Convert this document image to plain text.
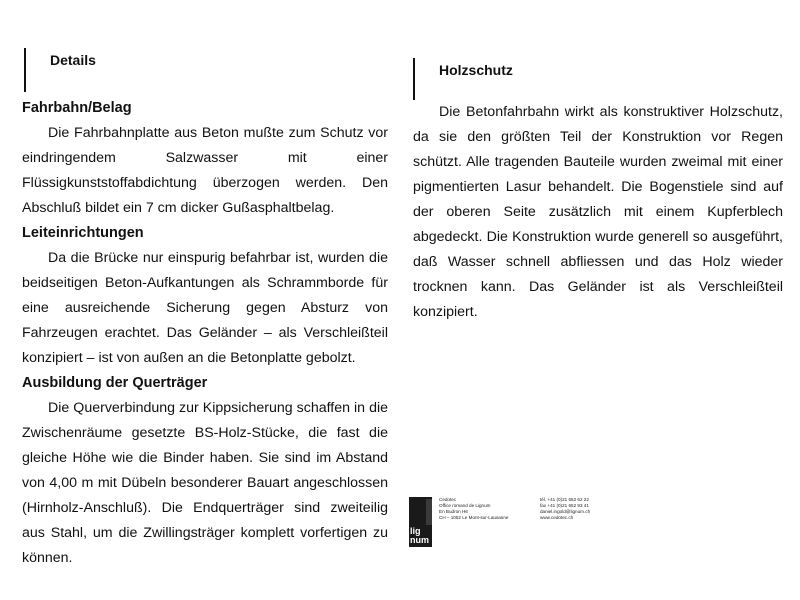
Details

Fahrbahn/Belag

Die Fahrbahnplatte aus Beton mußte zum Schutz vor eindringendem Salzwasser mit einer Flüssigkunststoffabdichtung überzogen werden. Den Abschluß bildet ein 7 cm dicker Gußasphaltbelag.

Leiteinrichtungen

Da die Brücke nur einspurig befahrbar ist, wurden die beidseitigen Beton-Aufkantungen als Schrammborde für eine ausreichende Sicherung gegen Absturz von Fahrzeugen erachtet. Das Geländer – als Verschleißteil konzipiert – ist von außen an die Betonplatte gebolzt.

Ausbildung der Querträger

Die Querverbindung zur Kippsicherung schaffen in die Zwischenräume gesetzte BS-Holz-Stücke, die fast die gleiche Höhe wie die Binder haben. Sie sind im Abstand von 4,00 m mit Dübeln besonderer Bauart angeschlossen (Hirnholz-Anschluß). Die Endquerträger sind zweiteilig aus Stahl, um die Zwillingsträger komplett vorfertigen zu können.

Holzschutz

Die Betonfahrbahn wirkt als konstruktiver Holzschutz, da sie den größten Teil der Konstruktion vor Regen schützt. Alle tragenden Bauteile wurden zweimal mit einer pigmentierten Lasur behandelt. Die Bogenstiele sind auf der oberen Seite zusätzlich mit einem Kupferblech abgedeckt. Die Konstruktion wurde generell so ausgeführt, daß Wasser schnell abfliessen und das Holz wieder trocknen kann. Das Geländer ist als Verschleißteil konzipiert.

lig num
Cedotec
Office romand de Lignum
En Budron H6
CH – 1052 Le Mont-sur-Lausanne
tél. +41 (0)21 652 62 22
fax +41 (0)21 652 93 41
daniel.ingold@lignum.ch
www.cedotec.ch
